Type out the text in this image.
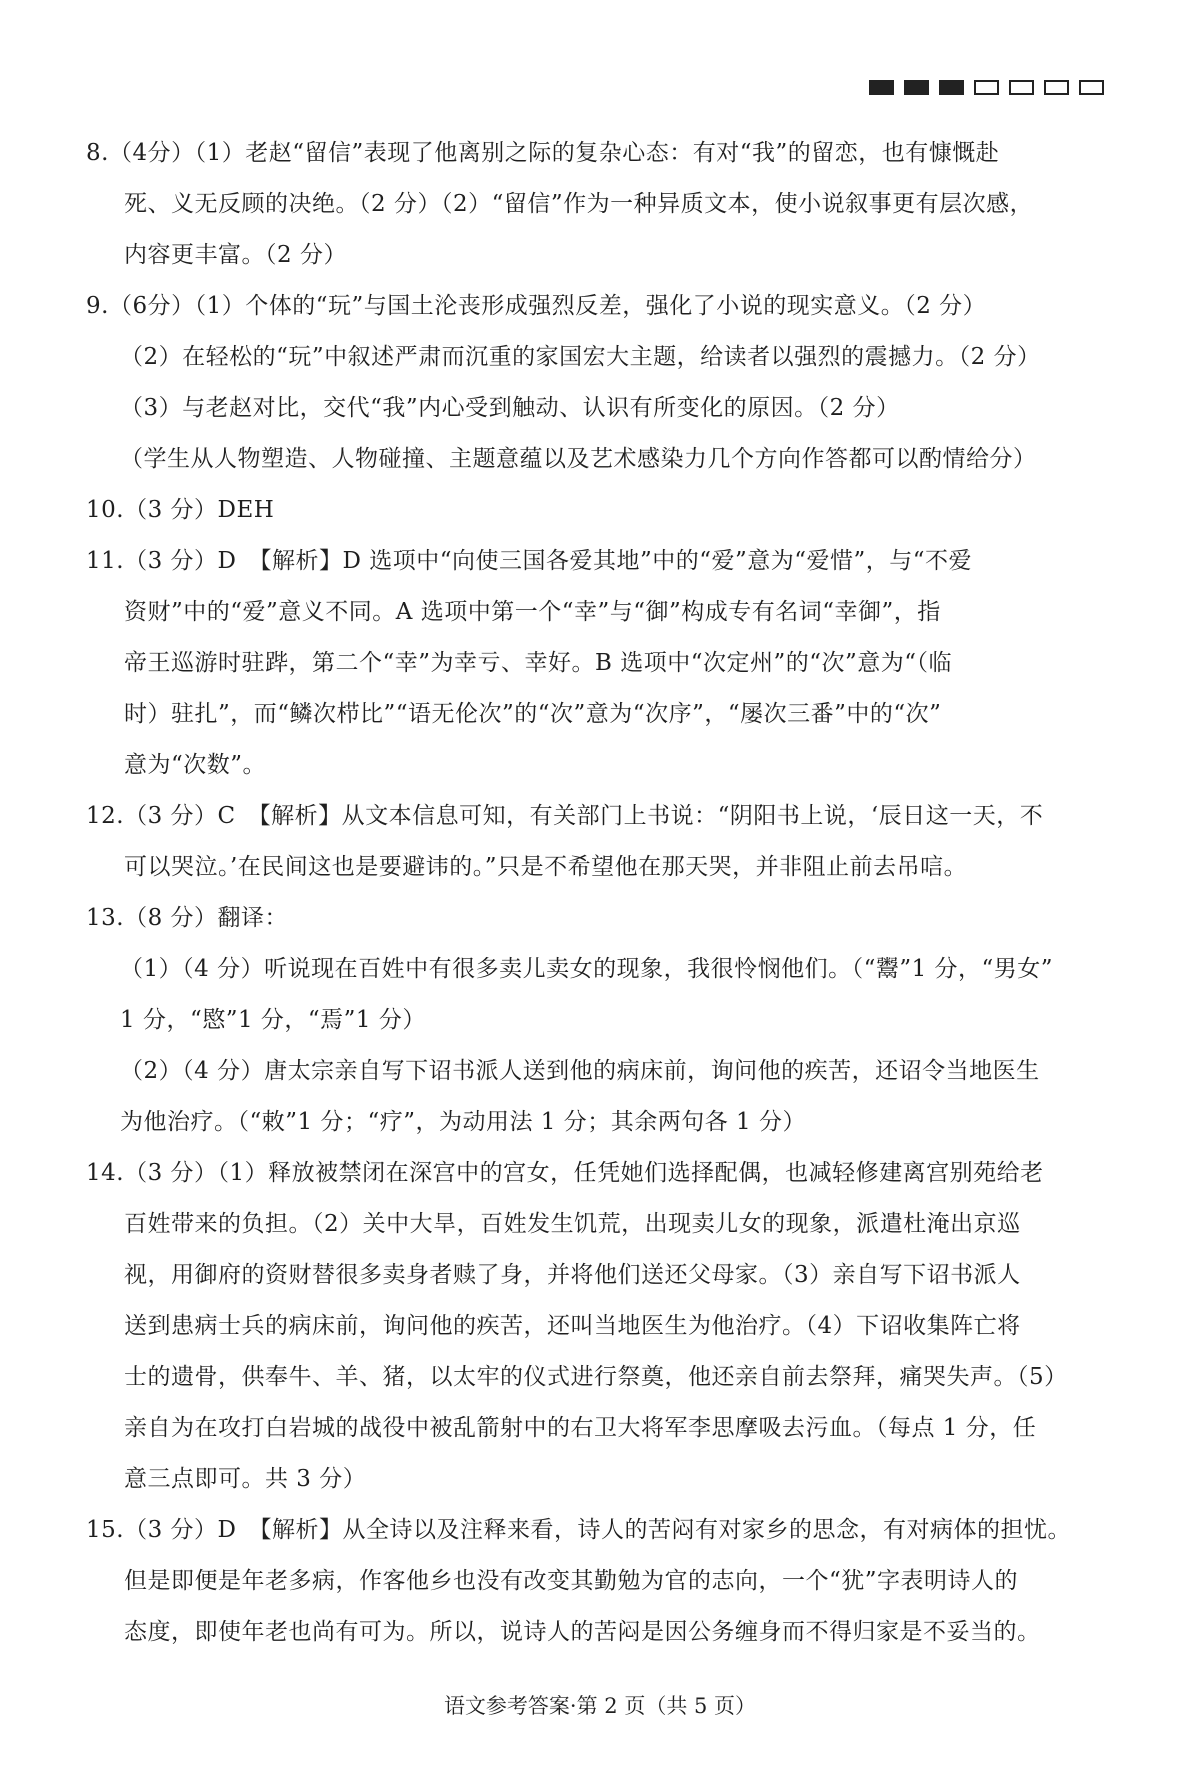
8.（4分）（1）老赵“留信”表现了他离别之际的复杂心态：有对“我”的留恋，也有慷慨赴

死、义无反顾的决绝。（2 分）（2）“留信”作为一种异质文本，使小说叙事更有层次感，

内容更丰富。（2 分）

9.（6分）（1）个体的“玩”与国土沦丧形成强烈反差，强化了小说的现实意义。（2 分）

（2）在轻松的“玩”中叙述严肃而沉重的家国宏大主题，给读者以强烈的震撼力。（2 分）

（3）与老赵对比，交代“我”内心受到触动、认识有所变化的原因。（2 分）

（学生从人物塑造、人物碰撞、主题意蕴以及艺术感染力几个方向作答都可以酌情给分）

10.（3 分）DEH

11.（3 分）D　【解析】D 选项中“向使三国各爱其地”中的“爱”意为“爱惜”，与“不爱

资财”中的“爱”意义不同。A 选项中第一个“幸”与“御”构成专有名词“幸御”，指

帝王巡游时驻跸，第二个“幸”为幸亏、幸好。B 选项中“次定州”的“次”意为“（临

时）驻扎”，而“鳞次栉比”“语无伦次”的“次”意为“次序”，“屡次三番”中的“次”

意为“次数”。

12.（3 分）C　【解析】从文本信息可知，有关部门上书说：“阴阳书上说，‘辰日这一天，不

可以哭泣。’在民间这也是要避讳的。”只是不希望他在那天哭，并非阻止前去吊唁。

13.（8 分）翻译：

（1）（4 分）听说现在百姓中有很多卖儿卖女的现象，我很怜悯他们。（“鬻”1 分，“男女”

1 分，“愍”1 分，“焉”1 分）

（2）（4 分）唐太宗亲自写下诏书派人送到他的病床前，询问他的疾苦，还诏令当地医生

为他治疗。（“敕”1 分；“疗”，为动用法 1 分；其余两句各 1 分）

14.（3 分）（1）释放被禁闭在深宫中的宫女，任凭她们选择配偶，也减轻修建离宫别苑给老

百姓带来的负担。（2）关中大旱，百姓发生饥荒，出现卖儿女的现象，派遣杜淹出京巡

视，用御府的资财替很多卖身者赎了身，并将他们送还父母家。（3）亲自写下诏书派人

送到患病士兵的病床前，询问他的疾苦，还叫当地医生为他治疗。（4）下诏收集阵亡将

士的遗骨，供奉牛、羊、猪，以太牢的仪式进行祭奠，他还亲自前去祭拜，痛哭失声。（5）

亲自为在攻打白岩城的战役中被乱箭射中的右卫大将军李思摩吸去污血。（每点 1 分，任

意三点即可。共 3 分）

15.（3 分）D　【解析】从全诗以及注释来看，诗人的苦闷有对家乡的思念，有对病体的担忧。

但是即便是年老多病，作客他乡也没有改变其勤勉为官的志向，一个“犹”字表明诗人的

态度，即使年老也尚有可为。所以，说诗人的苦闷是因公务缠身而不得归家是不妥当的。

语文参考答案·第 2 页（共 5 页）
